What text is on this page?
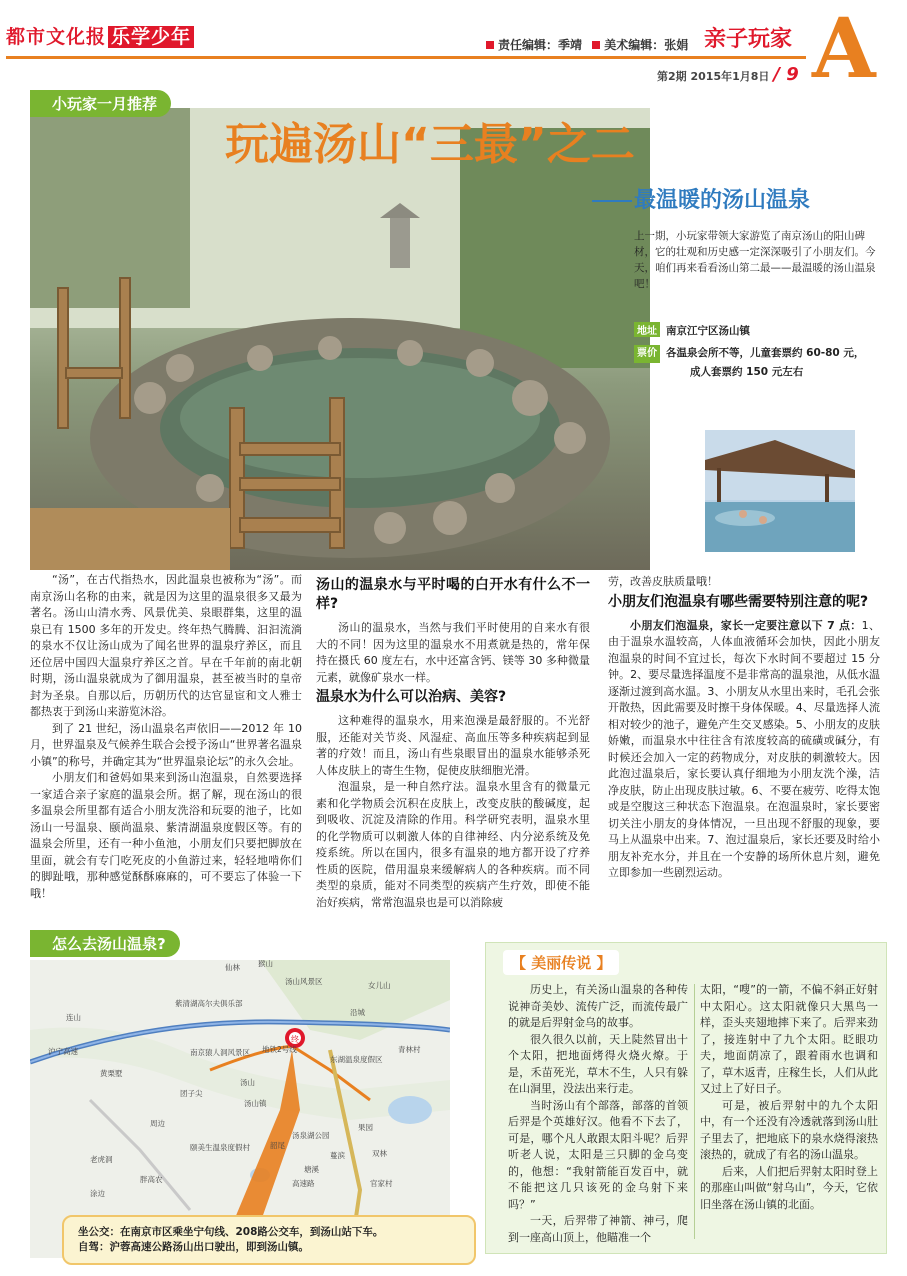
都市文化报 乐学少年	责任编辑：季靖 美术编辑：张娟 亲子玩家
第2期 2015年1月8日 / 9 A
小玩家一月推荐
玩遍汤山“三最”之二
最温暖的汤山温泉
上一期，小玩家带领大家游览了南京汤山的阳山碑材，它的壮观和历史感一定深深吸引了小朋友们。今天，咱们再来看看汤山第二最——最温暖的汤山温泉吧！
地址 南京江宁区汤山镇
票价 各温泉会所不等，儿童套票约 60-80 元，
成人套票约 150 元左右

“汤”，在古代指热水，因此温泉也被称为“汤”。而南京汤山名称的由来，就是因为这里的温泉很多又最为著名。汤山山清水秀、风景优美、泉眼群集，这里的温泉已有 1500 多年的开发史。终年热气腾腾、汩汩流淌的泉水不仅让汤山成为了闻名世界的温泉疗养区，而且还位居中国四大温泉疗养区之首。早在千年前的南北朝时期，汤山温泉就成为了御用温泉，甚至被当时的皇帝封为圣泉。自那以后，历朝历代的达官显宦和文人雅士都热衷于到汤山来游览沐浴。

到了 21 世纪，汤山温泉名声依旧——2012 年 10 月，世界温泉及气候养生联合会授予汤山“世界著名温泉小镇”的称号，并确定其为“世界温泉论坛”的永久会址。

小朋友们和爸妈如果来到汤山泡温泉，自然要选择一家适合亲子家庭的温泉会所。据了解，现在汤山的很多温泉会所里都有适合小朋友洗浴和玩耍的池子，比如汤山一号温泉、颐尚温泉、紫清湖温泉度假区等。有的温泉会所里，还有一种小鱼池，小朋友们只要把脚放在里面，就会有专门吃死皮的小鱼游过来，轻轻地啃你们的脚趾哦，那种感觉酥酥麻麻的，可不要忘了体验一下哦！

汤山的温泉水与平时喝的白开水有什么不一样?

汤山的温泉水，当然与我们平时使用的自来水有很大的不同！因为这里的温泉水不用煮就是热的，常年保持在摄氏 60 度左右，水中还富含钙、镁等 30 多种微量元素，就像矿泉水一样。

温泉水为什么可以治病、美容?

这种难得的温泉水，用来泡澡是最舒服的。不光舒服，还能对关节炎、风湿症、高血压等多种疾病起到显著的疗效！而且，汤山有些泉眼冒出的温泉水能够杀死人体皮肤上的寄生生物，促使皮肤细胞光滑。

泡温泉，是一种自然疗法。温泉水里含有的微量元素和化学物质会沉积在皮肤上，改变皮肤的酸碱度，起到吸收、沉淀及清除的作用。科学研究表明，温泉水里的化学物质可以刺激人体的自律神经、内分泌系统及免疫系统。所以在国内，很多有温泉的地方都开设了疗养性质的医院，借用温泉来缓解病人的各种疾病。而不同类型的泉质，能对不同类型的疾病产生疗效，即使不能治好疾病，常常泡温泉也是可以消除疲

劳，改善皮肤质量哦！

小朋友们泡温泉有哪些需要特别注意的呢?

小朋友们泡温泉，家长一定要注意以下 7 点：1、由于温泉水温较高，人体血液循环会加快，因此小朋友泡温泉的时间不宜过长，每次下水时间不要超过 15 分钟。2、要尽量选择温度不是非常高的温泉池，从低水温逐渐过渡到高水温。3、小朋友从水里出来时，毛孔会张开散热，因此需要及时擦干身体保暖。4、尽量选择人流相对较少的池子，避免产生交叉感染。5、小朋友的皮肤娇嫩，而温泉水中往往含有浓度较高的硫磺或碱分，有时候还会加入一定的药物成分，对皮肤的刺激较大。因此泡过温泉后，家长要认真仔细地为小朋友洗个澡，洁净皮肤，防止出现皮肤过敏。6、不要在疲劳、吃得太饱或是空腹这三种状态下泡温泉。在泡温泉时，家长要密切关注小朋友的身体情况，一旦出现不舒服的现象，要马上从温泉中出来。7、泡过温泉后，家长还要及时给小朋友补充水分，并且在一个安静的场所休息片刻，避免立即参加一些剧烈运动。

怎么去汤山温泉?
终
仙林
汤山风景区
猴山
女儿山
紫清湖高尔夫俱乐部
沿城
连山
青林村
沪宁高速
黄栗墅
南京猿人洞风景区
汤山
地铁2号线
东湖温泉度假区
团子尖
汤山镇
周边
汤泉湖公园
果园
颐美生温泉度假村
高速路
老虎洞
胖高农
涂边
官家村
韶尾
塘溪
蔓滨	双林
坐公交：在南京市区乘坐宁句线、208路公交车，到汤山站下车。
自驾：沪蓉高速公路汤山出口驶出，即到汤山镇。
【 美丽传说 】

历史上，有关汤山温泉的各种传说神奇美妙、流传广泛，而流传最广的就是后羿射金乌的故事。

很久很久以前，天上陡然冒出十个太阳，把地面烤得火烧火燎。于是，禾苗死光，草木不生，人只有躲在山洞里，没法出来行走。

当时汤山有个部落，部落的首领后羿是个英雄好汉。他看不下去了，可是，哪个凡人敢跟太阳斗呢？后羿听老人说，太阳是三只脚的金乌变的，他想：“我射箭能百发百中，就不能把这几只该死的金乌射下来吗？”

一天，后羿带了神箭、神弓，爬到一座高山顶上，他瞄准一个

太阳，“嗖”的一箭，不偏不斜正好射中太阳心。这太阳就像只大黑鸟一样，歪头夹翅地摔下来了。后羿来劲了，接连射中了九个太阳。眨眼功夫，地面荫凉了，跟着雨水也调和了，草木返青，庄稼生长，人们从此又过上了好日子。

可是，被后羿射中的九个太阳中，有一个还没有冷透就落到汤山肚子里去了，把地底下的泉水烧得滚热滚热的，就成了有名的汤山温泉。

后来，人们把后羿射太阳时登上的那座山叫做“射乌山”，今天，它依旧坐落在汤山镇的北面。
